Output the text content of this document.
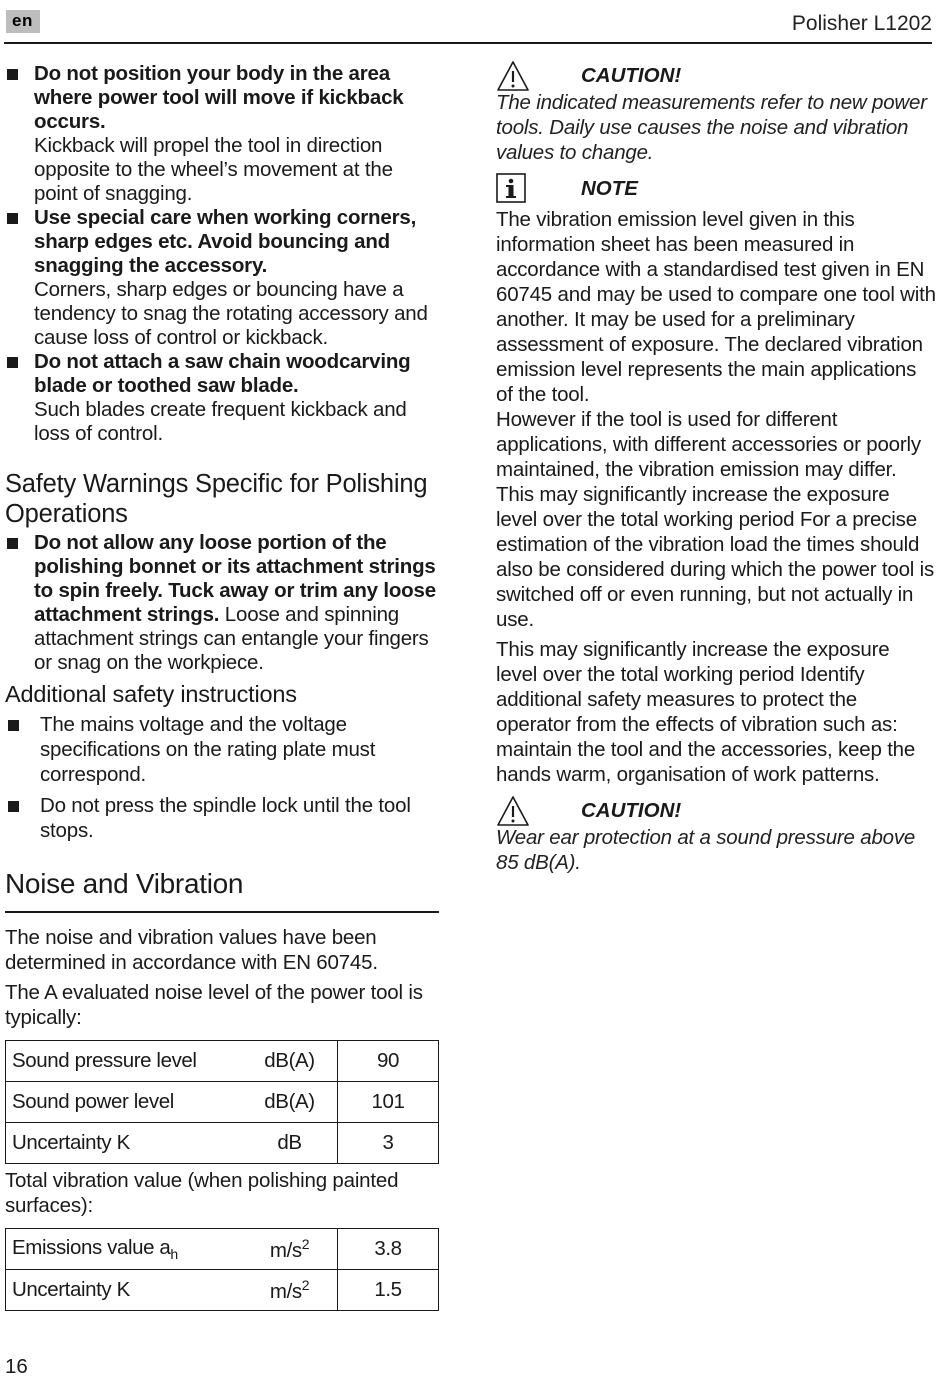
en	Polisher L1202
Do not position your body in the area where power tool will move if kickback occurs.
Kickback will propel the tool in direction opposite to the wheel’s movement at the point of snagging.
Use special care when working corners, sharp edges etc. Avoid bouncing and snagging the accessory.
Corners, sharp edges or bouncing have a tendency to snag the rotating accessory and cause loss of control or kickback.
Do not attach a saw chain woodcarving blade or toothed saw blade.
Such blades create frequent kickback and loss of control.
Safety Warnings Specific for Polishing Operations
Do not allow any loose portion of the polishing bonnet or its attachment strings to spin freely. Tuck away or trim any loose attachment strings. Loose and spinning attachment strings can entangle your fingers or snag on the workpiece.
Additional safety instructions
The mains voltage and the voltage specifications on the rating plate must correspond.
Do not press the spindle lock until the tool stops.
Noise and Vibration
The noise and vibration values have been determined in accordance with EN 60745.
The A evaluated noise level of the power tool is typically:
Sound pressure level	dB(A)	90
Sound power level	dB(A)	101
Uncertainty K	dB	3
Total vibration value (when polishing painted surfaces):
Emissions value $a_h$	$m/s^2$	3.8
Uncertainty K	$m/s^2$	1.5
CAUTION!
The indicated measurements refer to new power tools. Daily use causes the noise and vibration values to change.
NOTE
The vibration emission level given in this information sheet has been measured in accordance with a standardised test given in EN 60745 and may be used to compare one tool with another. It may be used for a preliminary assessment of exposure. The declared vibration emission level represents the main applications of the tool.
However if the tool is used for different applications, with different accessories or poorly maintained, the vibration emission may differ.
This may significantly increase the exposure level over the total working period For a precise estimation of the vibration load the times should also be considered during which the power tool is switched off or even running, but not actually in use.
This may significantly increase the exposure level over the total working period Identify additional safety measures to protect the operator from the effects of vibration such as: maintain the tool and the accessories, keep the hands warm, organisation of work patterns.
CAUTION!
Wear ear protection at a sound pressure above 85 dB(A).
16
